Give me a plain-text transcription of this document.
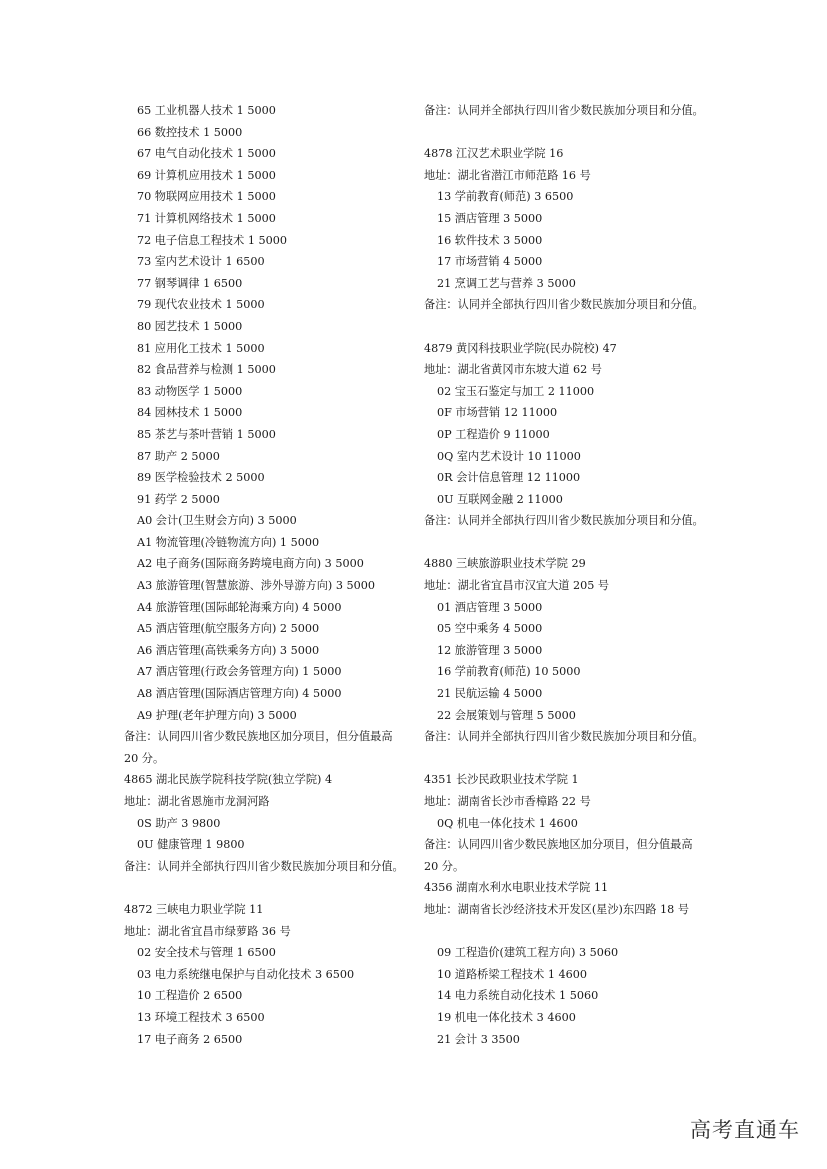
65 工业机器人技术 1 5000
66 数控技术 1 5000
67 电气自动化技术 1 5000
69 计算机应用技术 1 5000
70 物联网应用技术 1 5000
71 计算机网络技术 1 5000
72 电子信息工程技术 1 5000
73 室内艺术设计 1 6500
77 钢琴调律 1 6500
79 现代农业技术 1 5000
80 园艺技术 1 5000
81 应用化工技术 1 5000
82 食品营养与检测 1 5000
83 动物医学 1 5000
84 园林技术 1 5000
85 茶艺与茶叶营销 1 5000
87 助产 2 5000
89 医学检验技术 2 5000
91 药学 2 5000
A0 会计(卫生财会方向) 3 5000
A1 物流管理(冷链物流方向) 1 5000
A2 电子商务(国际商务跨境电商方向) 3 5000
A3 旅游管理(智慧旅游、涉外导游方向) 3 5000
A4 旅游管理(国际邮轮海乘方向) 4 5000
A5 酒店管理(航空服务方向) 2 5000
A6 酒店管理(高铁乘务方向) 3 5000
A7 酒店管理(行政会务管理方向) 1 5000
A8 酒店管理(国际酒店管理方向) 4 5000
A9 护理(老年护理方向) 3 5000
备注：认同四川省少数民族地区加分项目，但分值最高 20 分。
4865 湖北民族学院科技学院(独立学院) 4
地址：湖北省恩施市龙洞河路
0S 助产 3 9800
0U 健康管理 1 9800
备注：认同并全部执行四川省少数民族加分项目和分值。
4872 三峡电力职业学院 11
地址：湖北省宜昌市绿萝路 36 号
02 安全技术与管理 1 6500
03 电力系统继电保护与自动化技术 3 6500
10 工程造价 2 6500
13 环境工程技术 3 6500
17 电子商务 2 6500
备注：认同并全部执行四川省少数民族加分项目和分值。
4878 江汉艺术职业学院 16
地址：湖北省潜江市师范路 16 号
13 学前教育(师范) 3 6500
15 酒店管理 3 5000
16 软件技术 3 5000
17 市场营销 4 5000
21 烹调工艺与营养 3 5000
备注：认同并全部执行四川省少数民族加分项目和分值。
4879 黄冈科技职业学院(民办院校) 47
地址：湖北省黄冈市东坡大道 62 号
02 宝玉石鉴定与加工 2 11000
0F 市场营销 12 11000
0P 工程造价 9 11000
0Q 室内艺术设计 10 11000
0R 会计信息管理 12 11000
0U 互联网金融 2 11000
备注：认同并全部执行四川省少数民族加分项目和分值。
4880 三峡旅游职业技术学院 29
地址：湖北省宜昌市汉宜大道 205 号
01 酒店管理 3 5000
05 空中乘务 4 5000
12 旅游管理 3 5000
16 学前教育(师范) 10 5000
21 民航运输 4 5000
22 会展策划与管理 5 5000
备注：认同并全部执行四川省少数民族加分项目和分值。
4351 长沙民政职业技术学院 1
地址：湖南省长沙市香樟路 22 号
0Q 机电一体化技术 1 4600
备注：认同四川省少数民族地区加分项目，但分值最高 20 分。
4356 湖南水利水电职业技术学院 11
地址：湖南省长沙经济技术开发区(星沙)东四路 18 号
09 工程造价(建筑工程方向) 3 5060
10 道路桥梁工程技术 1 4600
14 电力系统自动化技术 1 5060
19 机电一体化技术 3 4600
21 会计 3 3500
高考直通车
